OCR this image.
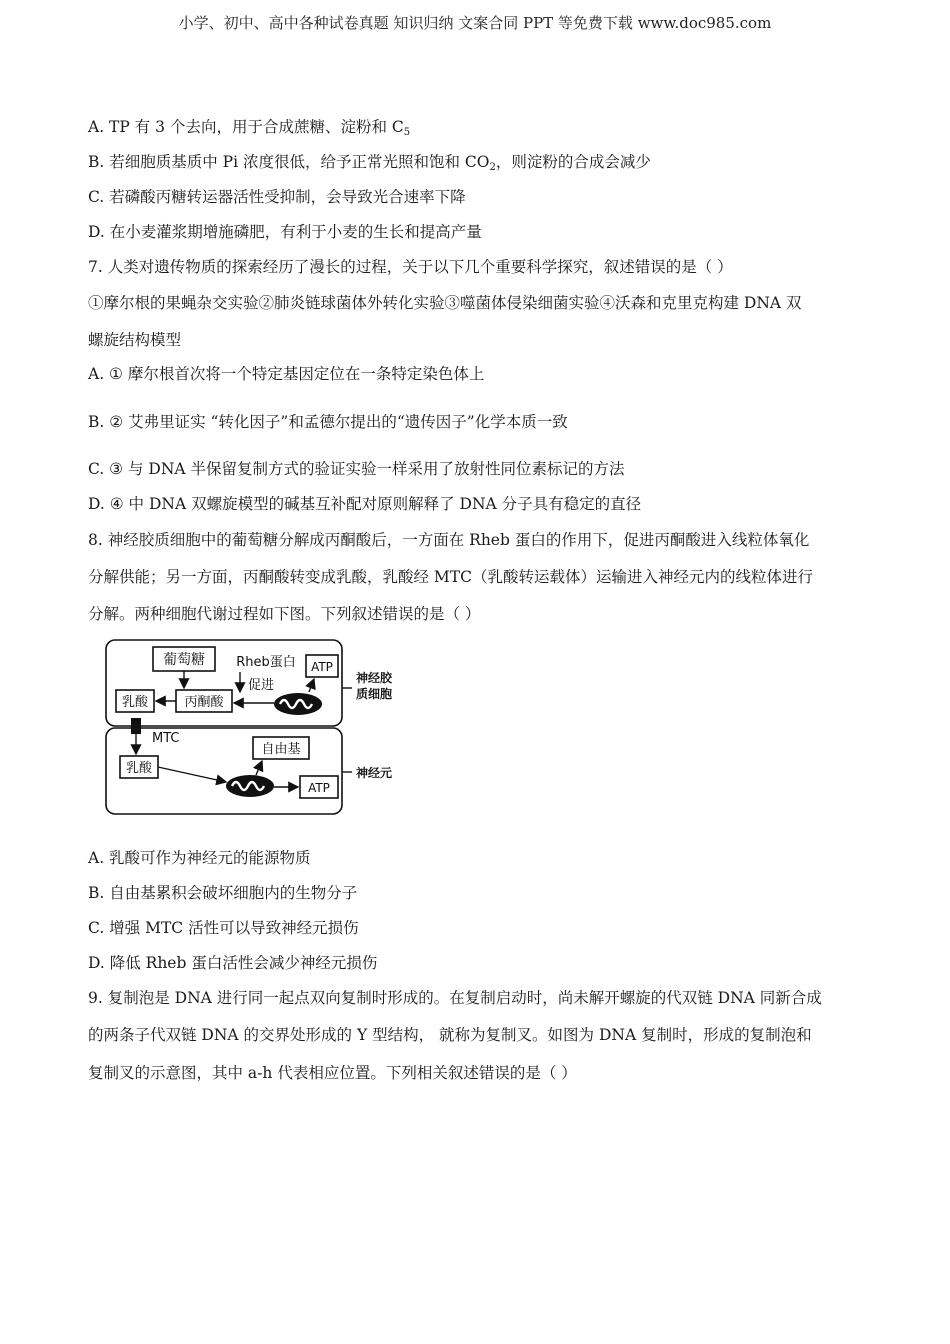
小学、初中、高中各种试卷真题 知识归纳 文案合同 PPT 等免费下载 www.doc985.com
A. TP 有 3 个去向，用于合成蔗糖、淀粉和 $C_5$
B. 若细胞质基质中 Pi 浓度很低，给予正常光照和饱和 $CO_2$，则淀粉的合成会减少
C. 若磷酸丙糖转运器活性受抑制，会导致光合速率下降
D. 在小麦灌浆期增施磷肥，有利于小麦的生长和提高产量
7. 人类对遗传物质的探索经历了漫长的过程，关于以下几个重要科学探究，叙述错误的是（ ）
①摩尔根的果蝇杂交实验②肺炎链球菌体外转化实验③噬菌体侵染细菌实验④沃森和克里克构建 DNA 双
螺旋结构模型
A. ① 摩尔根首次将一个特定基因定位在一条特定染色体上
B. ② 艾弗里证实 “转化因子”和孟德尔提出的“遗传因子”化学本质一致
C. ③ 与 DNA 半保留复制方式的验证实验一样采用了放射性同位素标记的方法
D. ④ 中 DNA 双螺旋模型的碱基互补配对原则解释了 DNA 分子具有稳定的直径
8. 神经胶质细胞中的葡萄糖分解成丙酮酸后，一方面在 Rheb 蛋白的作用下，促进丙酮酸进入线粒体氧化
分解供能；另一方面，丙酮酸转变成乳酸，乳酸经 MTC（乳酸转运载体）运输进入神经元内的线粒体进行
分解。两种细胞代谢过程如下图。下列叙述错误的是（ ）
葡萄糖 Rheb蛋白 ATP
促进
乳酸	丙酮酸
神经胶
质细胞
MTC
自由基
乳酸
ATP
神经元
A. 乳酸可作为神经元的能源物质
B. 自由基累积会破坏细胞内的生物分子
C. 增强 MTC 活性可以导致神经元损伤
D. 降低 Rheb 蛋白活性会减少神经元损伤
9. 复制泡是 DNA 进行同一起点双向复制时形成的。在复制启动时，尚未解开螺旋的代双链 DNA 同新合成
的两条子代双链 DNA 的交界处形成的 Y 型结构， 就称为复制叉。如图为 DNA 复制时，形成的复制泡和
复制叉的示意图，其中 a-h 代表相应位置。下列相关叙述错误的是（ ）
